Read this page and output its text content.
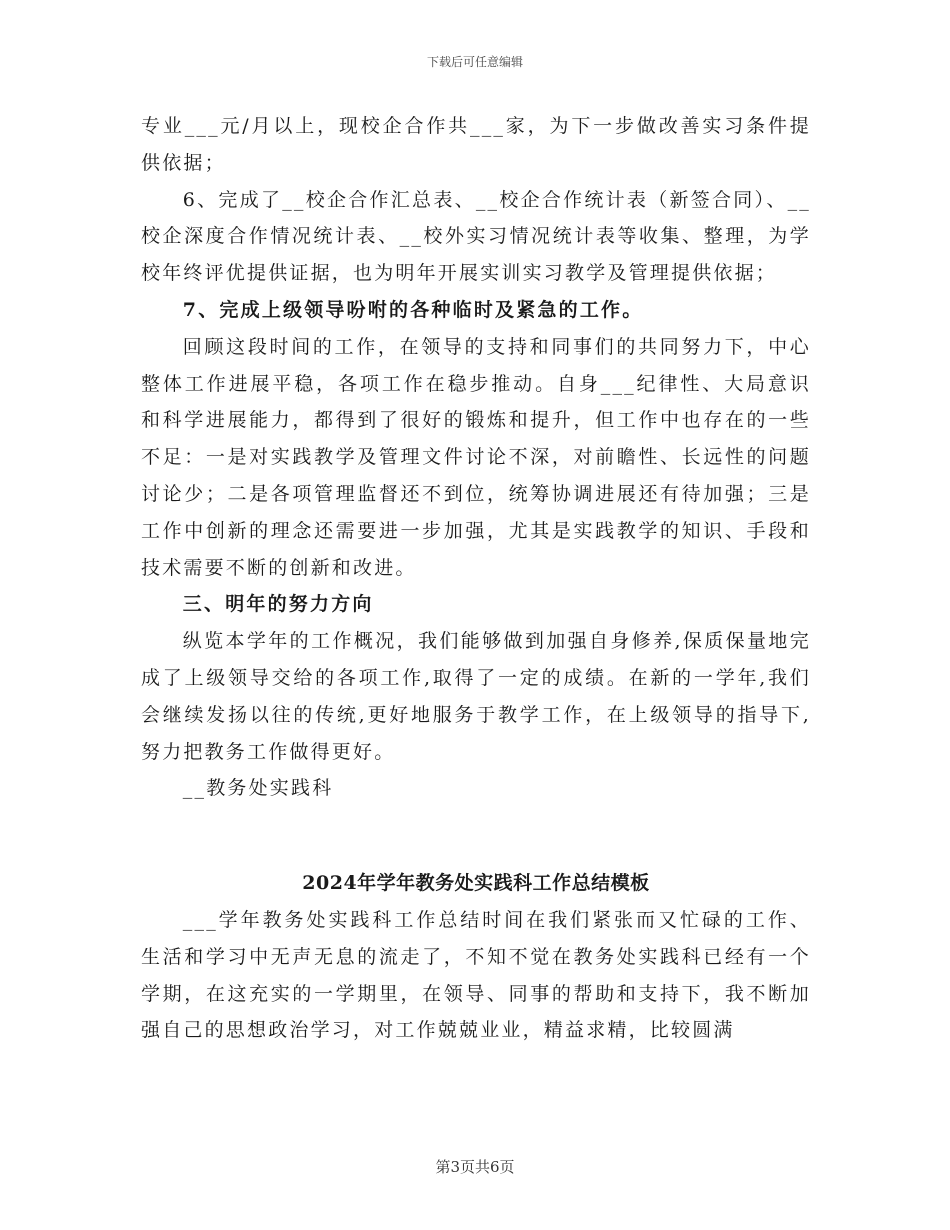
下载后可任意编辑

专业___元/月以上，现校企合作共___家，为下一步做改善实习条件提供依据；

6、完成了__校企合作汇总表、__校企合作统计表（新签合同）、__校企深度合作情况统计表、__校外实习情况统计表等收集、整理，为学校年终评优提供证据，也为明年开展实训实习教学及管理提供依据；

7、完成上级领导吩咐的各种临时及紧急的工作。

回顾这段时间的工作，在领导的支持和同事们的共同努力下，中心整体工作进展平稳，各项工作在稳步推动。自身___纪律性、大局意识和科学进展能力，都得到了很好的锻炼和提升，但工作中也存在的一些不足：一是对实践教学及管理文件讨论不深，对前瞻性、长远性的问题讨论少；二是各项管理监督还不到位，统筹协调进展还有待加强；三是工作中创新的理念还需要进一步加强，尤其是实践教学的知识、手段和技术需要不断的创新和改进。

三、明年的努力方向

纵览本学年的工作概况，我们能够做到加强自身修养,保质保量地完成了上级领导交给的各项工作,取得了一定的成绩。在新的一学年,我们会继续发扬以往的传统,更好地服务于教学工作，在上级领导的指导下,努力把教务工作做得更好。

__教务处实践科

2024年学年教务处实践科工作总结模板

___学年教务处实践科工作总结时间在我们紧张而又忙碌的工作、生活和学习中无声无息的流走了，不知不觉在教务处实践科已经有一个学期，在这充实的一学期里，在领导、同事的帮助和支持下，我不断加强自己的思想政治学习，对工作兢兢业业，精益求精，比较圆满

第3页共6页
